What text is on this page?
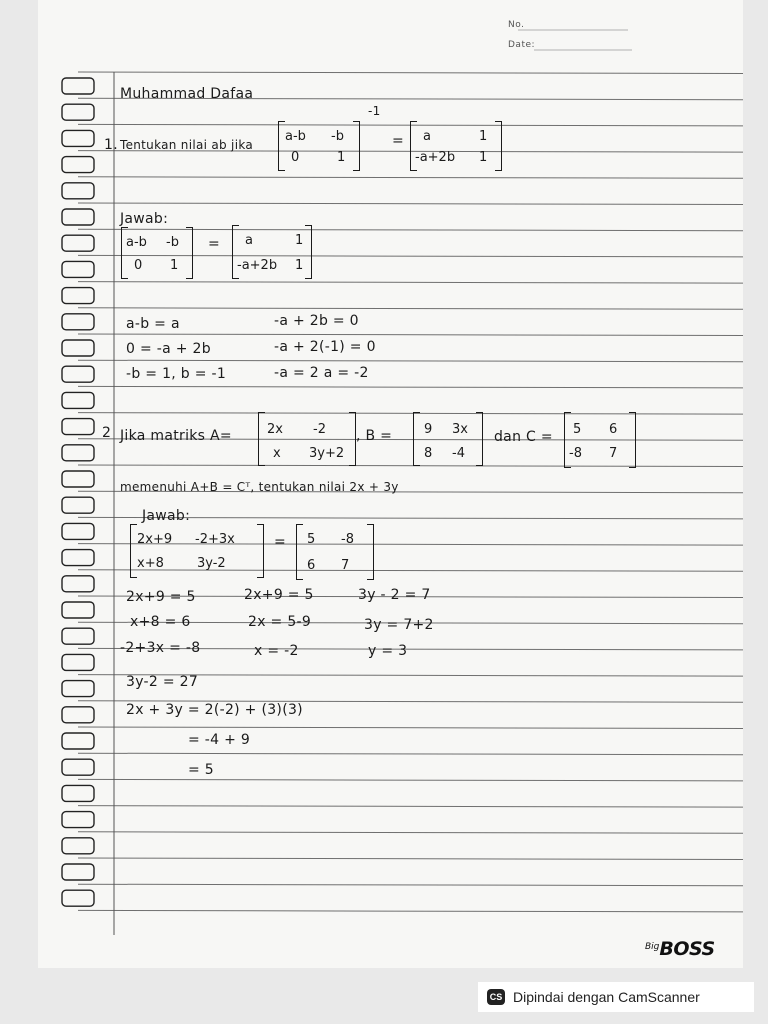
No.
Date:
Muhammad Dafaa
1. Tentukan nilai ab jika
a-b -b
0	1
-1
= a	1
-a+2b 1
Jawab:
a-b -b
0 1
= a	1
-a+2b 1
a-b = a
0 = -a + 2b
-b = 1, b = -1
-a + 2b = 0
-a + 2(-1) = 0
-a = 2 a = -2
2 Jika matriks A=	2x -2
x 3y+2
, B = 9 3x
8 -4
dan C = 5 6
-8 7
memenuhi A+B = Cᵀ, tentukan nilai 2x + 3y
Jawab:
2x+9 -2+3x
x+8	3y-2
= 5 -8
6 7
2x+9 = 5
x+8 = 6
-2+3x = -8
3y-2 = 27
2x+9 = 5
2x = 5-9
x = -2
3y - 2 = 7
3y = 7+2
y = 3
2x + 3y = 2(-2) + (3)(3)
= -4 + 9
= 5
$^{Big}$BOSS
CS Dipindai dengan CamScanner
